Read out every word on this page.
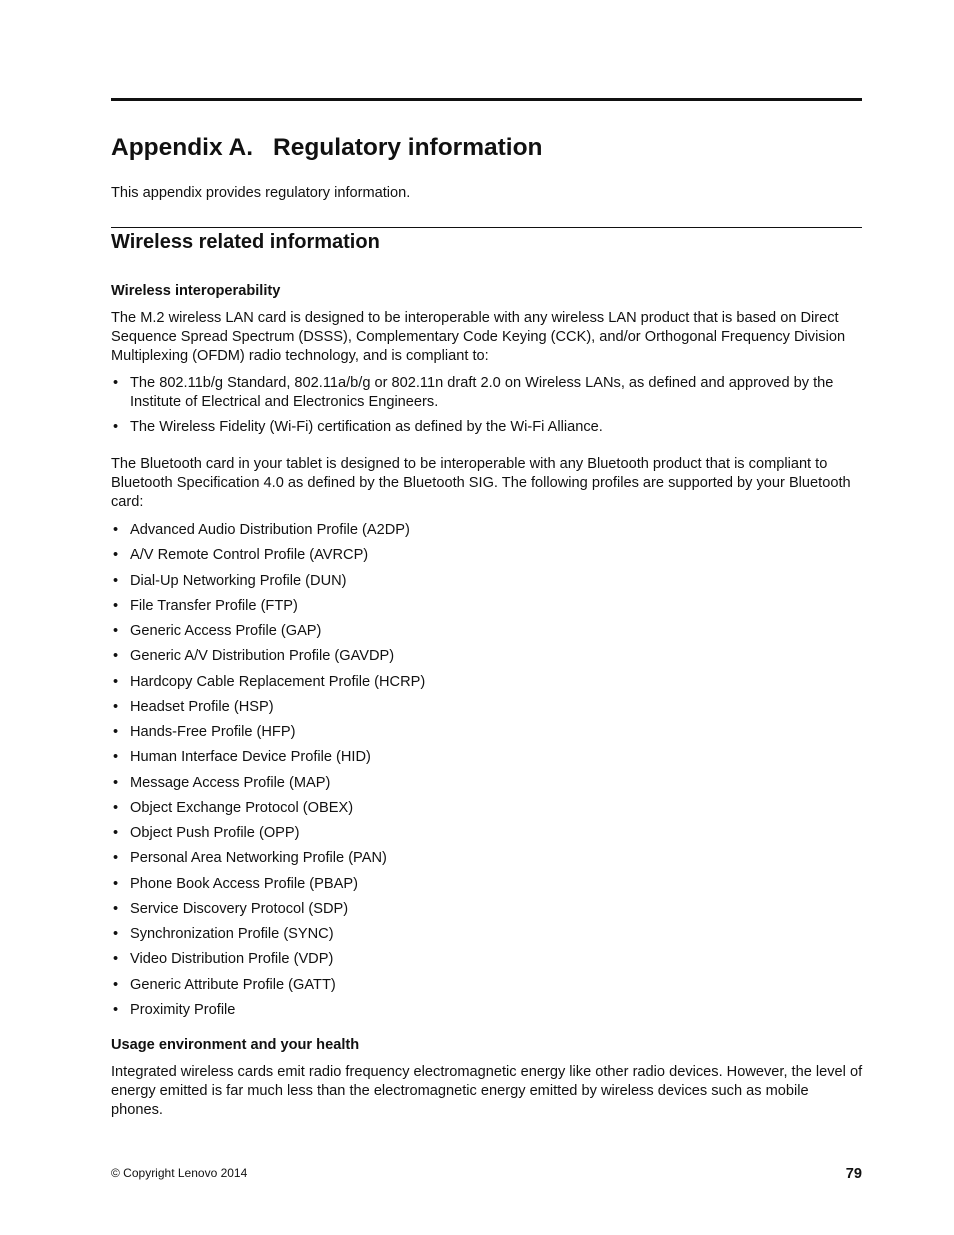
Appendix A. Regulatory information

This appendix provides regulatory information.

Wireless related information
Wireless interoperability

The M.2 wireless LAN card is designed to be interoperable with any wireless LAN product that is based on Direct Sequence Spread Spectrum (DSSS), Complementary Code Keying (CCK), and/or Orthogonal Frequency Division Multiplexing (OFDM) radio technology, and is compliant to:

• The 802.11b/g Standard, 802.11a/b/g or 802.11n draft 2.0 on Wireless LANs, as defined and approved by the Institute of Electrical and Electronics Engineers.
• The Wireless Fidelity (Wi-Fi) certification as defined by the Wi-Fi Alliance.

The Bluetooth card in your tablet is designed to be interoperable with any Bluetooth product that is compliant to Bluetooth Specification 4.0 as defined by the Bluetooth SIG. The following profiles are supported by your Bluetooth card:

• Advanced Audio Distribution Profile (A2DP)
• A/V Remote Control Profile (AVRCP)
• Dial-Up Networking Profile (DUN)
• File Transfer Profile (FTP)
• Generic Access Profile (GAP)
• Generic A/V Distribution Profile (GAVDP)
• Hardcopy Cable Replacement Profile (HCRP)
• Headset Profile (HSP)
• Hands-Free Profile (HFP)
• Human Interface Device Profile (HID)
• Message Access Profile (MAP)
• Object Exchange Protocol (OBEX)
• Object Push Profile (OPP)
• Personal Area Networking Profile (PAN)
• Phone Book Access Profile (PBAP)
• Service Discovery Protocol (SDP)
• Synchronization Profile (SYNC)
• Video Distribution Profile (VDP)
• Generic Attribute Profile (GATT)
• Proximity Profile
Usage environment and your health

Integrated wireless cards emit radio frequency electromagnetic energy like other radio devices. However, the level of energy emitted is far much less than the electromagnetic energy emitted by wireless devices such as mobile phones.

© Copyright Lenovo 2014	79
